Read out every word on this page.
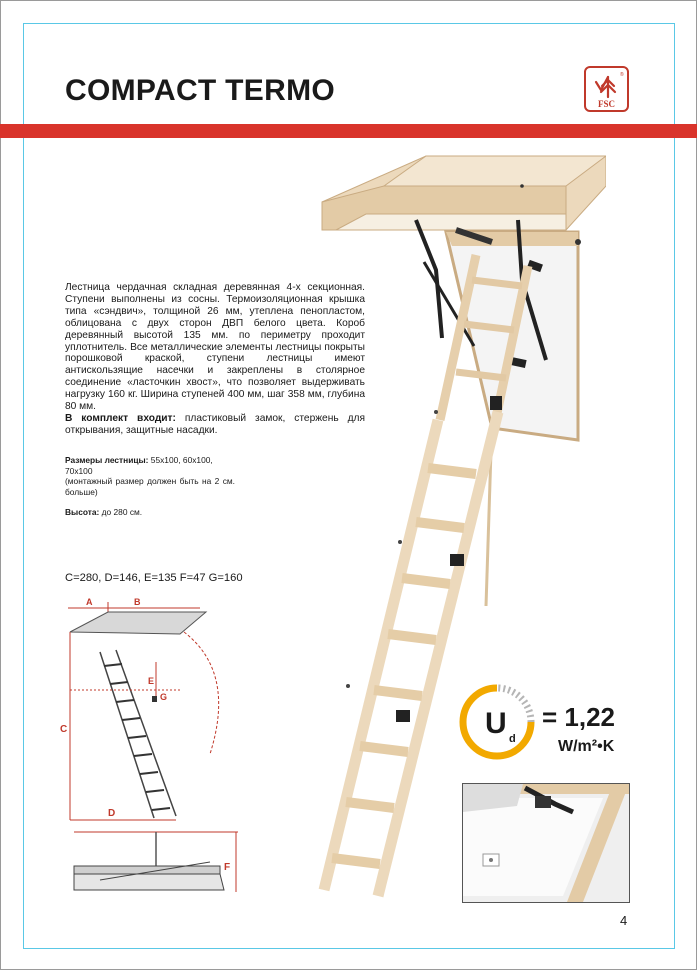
COMPACT TERMO	®
FSC
Лестница чердачная складная деревянная 4-х секционная. Ступени выполнены из сосны. Термоизоляционная крышка типа «сэндвич», толщиной 26 мм, утеплена пенопластом, облицована с двух сторон ДВП белого цвета. Короб деревянный высотой 135 мм. по периметру проходит уплотнитель. Все металлические элементы лестницы покрыты порошковой краской, ступени лестницы имеют антискользящие насечки и закреплены в столярное соединение «ласточкин хвост», что позволяет выдерживать нагрузку 160 кг. Ширина ступеней 400 мм, шаг 358 мм, глубина 80 мм.
В комплект входит: пластиковый замок, стержень для открывания, защитные насадки.
Размеры лестницы: 55x100, 60x100,
70x100

(монтажный размер должен быть на 2 см. больше)
Высота: до 280 см.
C=280, D=146, E=135 F=47 G=160
A	B
C
D
E
G
F
U d
= 1,22
W/m²•K
4
